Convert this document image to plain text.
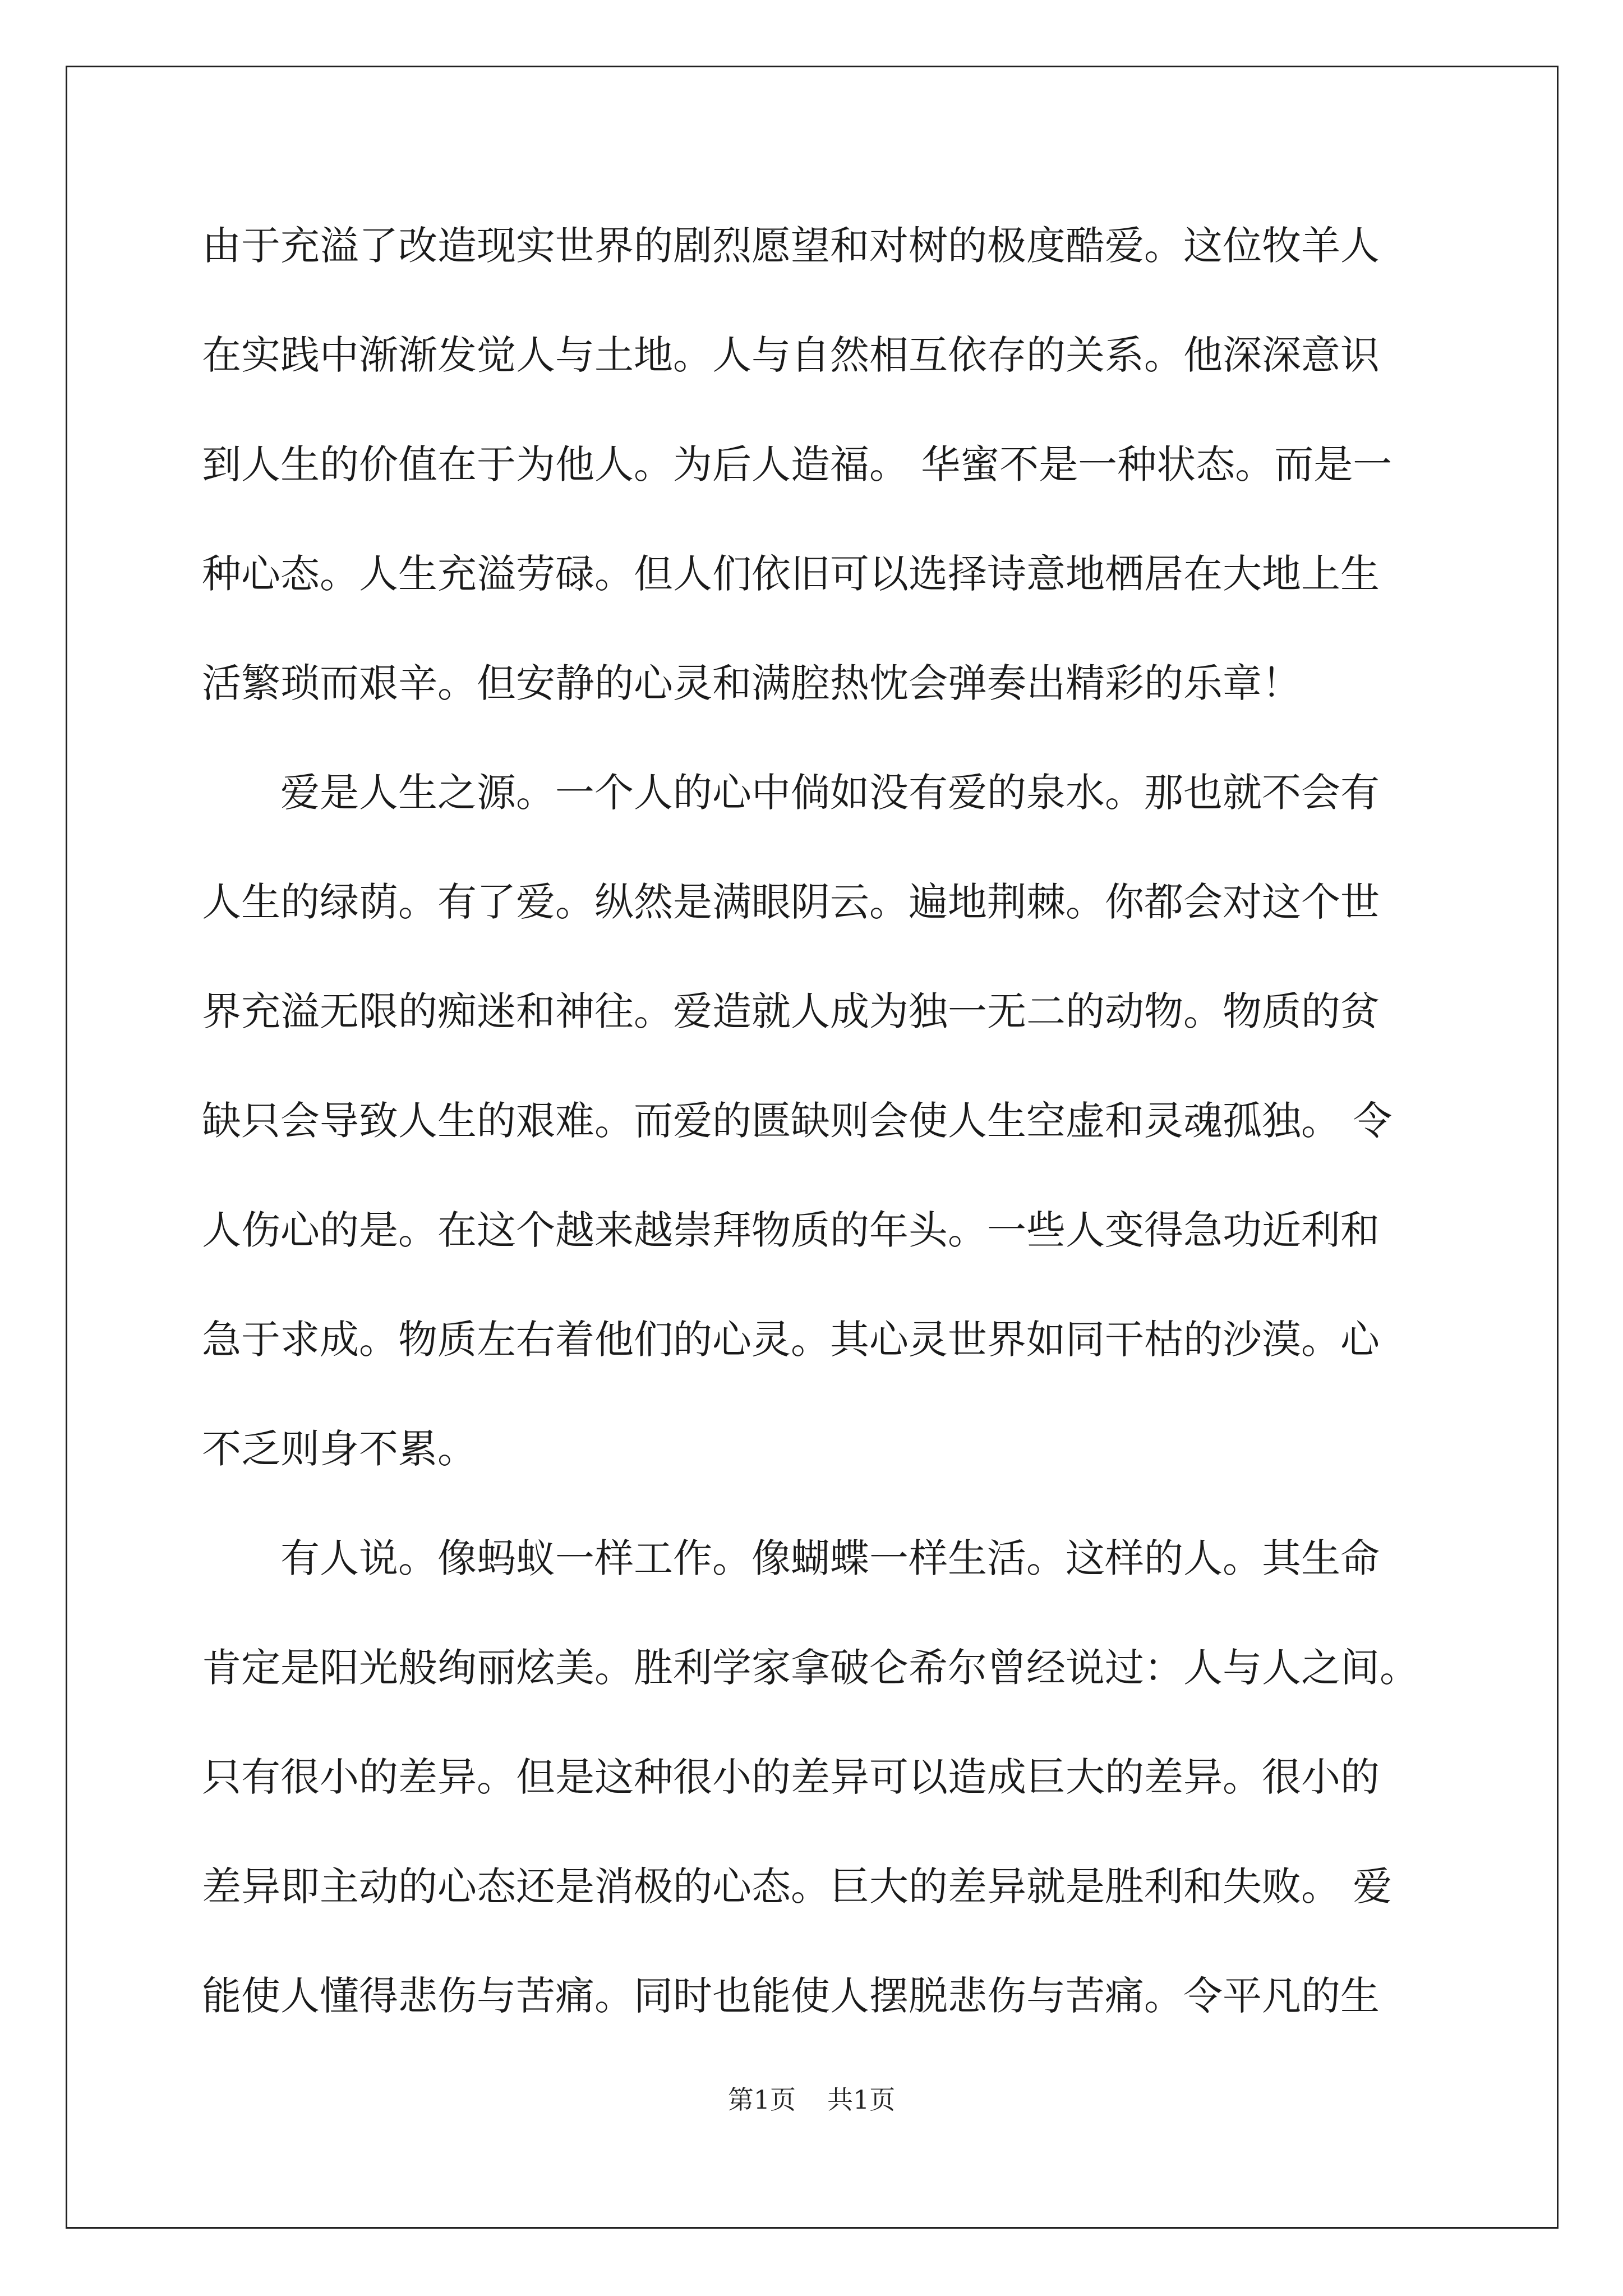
由于充溢了改造现实世界的剧烈愿望和对树的极度酷爱。这位牧羊人
在实践中渐渐发觉人与土地。人与自然相互依存的关系。他深深意识
到人生的价值在于为他人。为后人造福。 华蜜不是一种状态。而是一
种心态。人生充溢劳碌。但人们依旧可以选择诗意地栖居在大地上生
活繁琐而艰辛。但安静的心灵和满腔热忱会弹奏出精彩的乐章！
　　爱是人生之源。一个人的心中倘如没有爱的泉水。那也就不会有
人生的绿荫。有了爱。纵然是满眼阴云。遍地荆棘。你都会对这个世
界充溢无限的痴迷和神往。爱造就人成为独一无二的动物。物质的贫
缺只会导致人生的艰难。而爱的匮缺则会使人生空虚和灵魂孤独。 令
人伤心的是。在这个越来越崇拜物质的年头。一些人变得急功近利和
急于求成。物质左右着他们的心灵。其心灵世界如同干枯的沙漠。心
不乏则身不累。
　　有人说。像蚂蚁一样工作。像蝴蝶一样生活。这样的人。其生命
肯定是阳光般绚丽炫美。胜利学家拿破仑希尔曾经说过：人与人之间。
只有很小的差异。但是这种很小的差异可以造成巨大的差异。很小的
差异即主动的心态还是消极的心态。巨大的差异就是胜利和失败。 爱
能使人懂得悲伤与苦痛。同时也能使人摆脱悲伤与苦痛。令平凡的生
第1页 共1页
